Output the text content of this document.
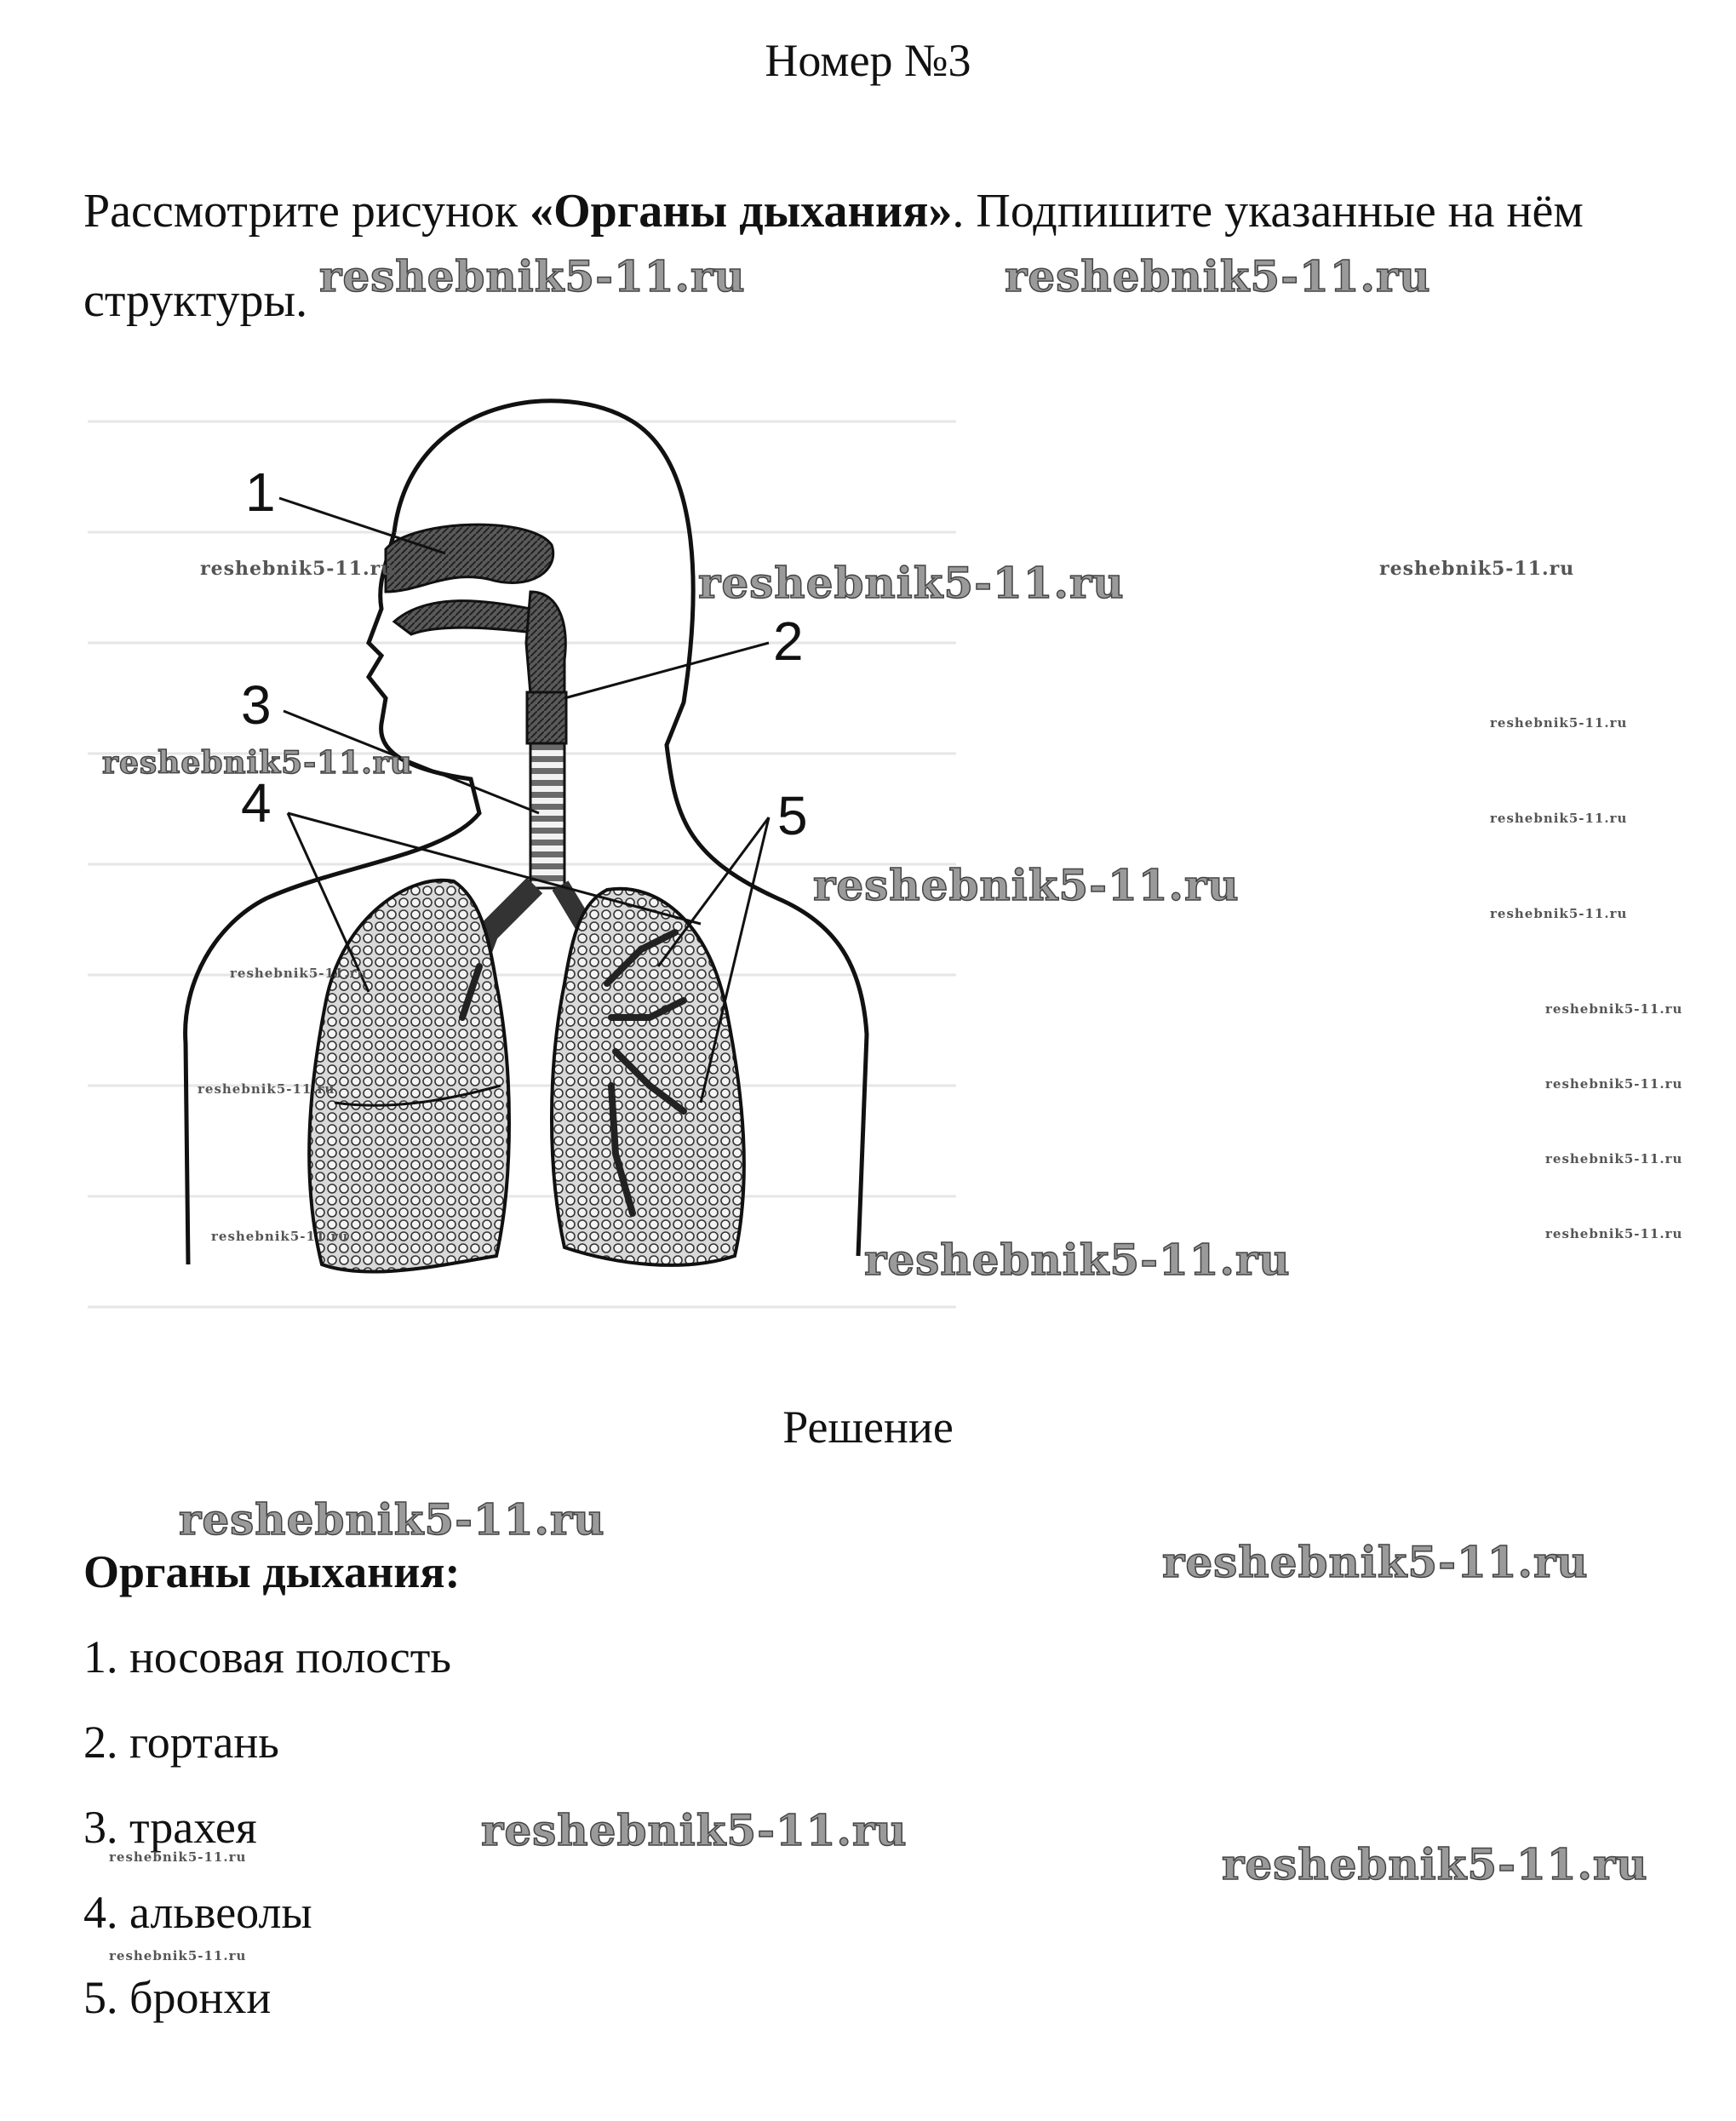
Номер №3
Рассмотрите рисунок «Органы дыхания». Подпишите указанные на нём структуры.
1
2
3
4	5
Решение
Органы дыхания:
1. носовая полость
2. гортань
3. трахея
4. альвеолы
5. бронхи
reshebnik5-11.ru	reshebnik5-11.ru
reshebnik5-11.ru	reshebnik5-11.ru	reshebnik5-11.ru
reshebnik5-11.ru
reshebnik5-11.ru
reshebnik5-11.ru
reshebnik5-11.ru
reshebnik5-11.ru
reshebnik5-11.ru
reshebnik5-11.ru
reshebnik5-11.ru	reshebnik5-11.ru
reshebnik5-11.ru
reshebnik5-11.ru	reshebnik5-11.ru
reshebnik5-11.ru
reshebnik5-11.ru
reshebnik5-11.ru
reshebnik5-11.ru
reshebnik5-11.ru	reshebnik5-11.ru
reshebnik5-11.ru
